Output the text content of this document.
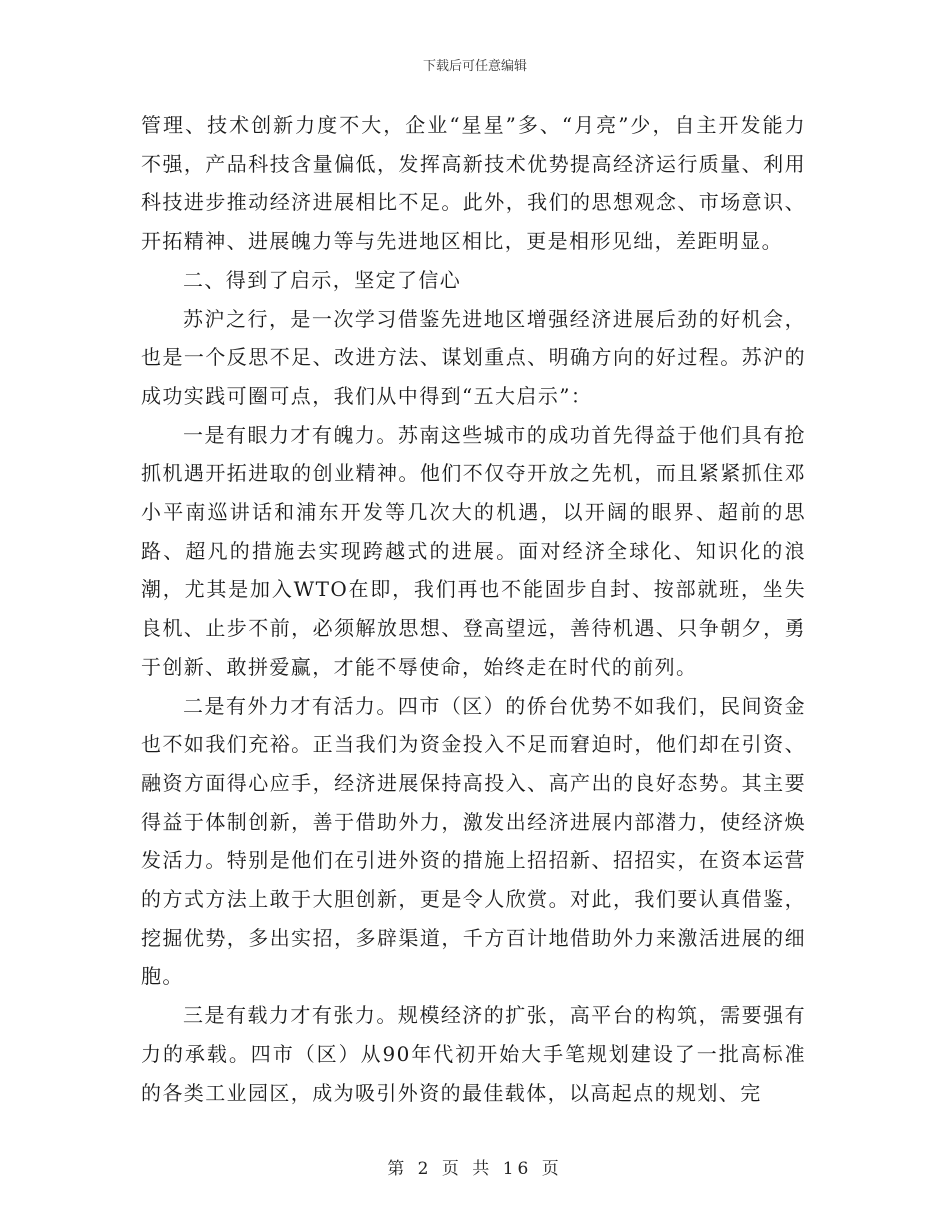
下载后可任意编辑

管理、技术创新力度不大，企业“星星”多、“月亮”少，自主开发能力不强，产品科技含量偏低，发挥高新技术优势提高经济运行质量、利用科技进步推动经济进展相比不足。此外，我们的思想观念、市场意识、开拓精神、进展魄力等与先进地区相比，更是相形见绌，差距明显。

二、得到了启示，坚定了信心

苏沪之行，是一次学习借鉴先进地区增强经济进展后劲的好机会，也是一个反思不足、改进方法、谋划重点、明确方向的好过程。苏沪的成功实践可圈可点，我们从中得到“五大启示”：

一是有眼力才有魄力。苏南这些城市的成功首先得益于他们具有抢抓机遇开拓进取的创业精神。他们不仅夺开放之先机，而且紧紧抓住邓小平南巡讲话和浦东开发等几次大的机遇，以开阔的眼界、超前的思路、超凡的措施去实现跨越式的进展。面对经济全球化、知识化的浪潮，尤其是加入WTO在即，我们再也不能固步自封、按部就班，坐失良机、止步不前，必须解放思想、登高望远，善待机遇、只争朝夕，勇于创新、敢拼爱赢，才能不辱使命，始终走在时代的前列。

二是有外力才有活力。四市（区）的侨台优势不如我们，民间资金也不如我们充裕。正当我们为资金投入不足而窘迫时，他们却在引资、融资方面得心应手，经济进展保持高投入、高产出的良好态势。其主要得益于体制创新，善于借助外力，激发出经济进展内部潜力，使经济焕发活力。特别是他们在引进外资的措施上招招新、招招实，在资本运营的方式方法上敢于大胆创新，更是令人欣赏。对此，我们要认真借鉴，挖掘优势，多出实招，多辟渠道，千方百计地借助外力来激活进展的细胞。

三是有载力才有张力。规模经济的扩张，高平台的构筑，需要强有力的承载。四市（区）从90年代初开始大手笔规划建设了一批高标准的各类工业园区，成为吸引外资的最佳载体，以高起点的规划、完

第 2 页 共 16 页
